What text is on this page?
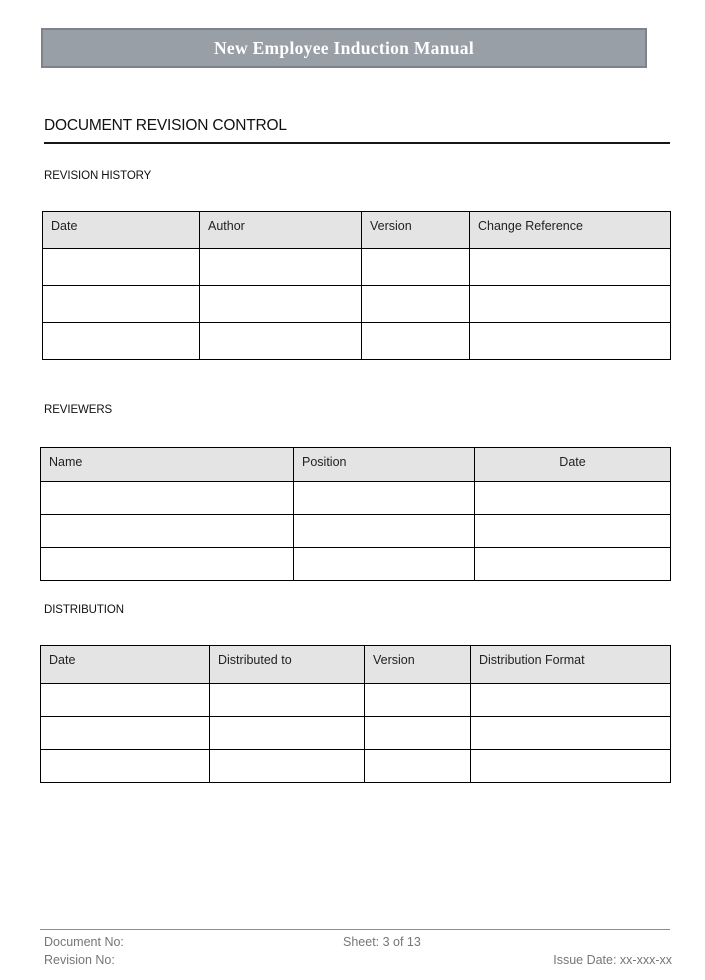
New Employee Induction Manual
DOCUMENT REVISION CONTROL
REVISION HISTORY
Date	Author	Version	Change Reference

REVIEWERS
Name	Position	Date

DISTRIBUTION
Date	Distributed to	Version	Distribution Format

Document No:	Sheet: 3 of 13
Revision No:	Issue Date: xx-xxx-xx
